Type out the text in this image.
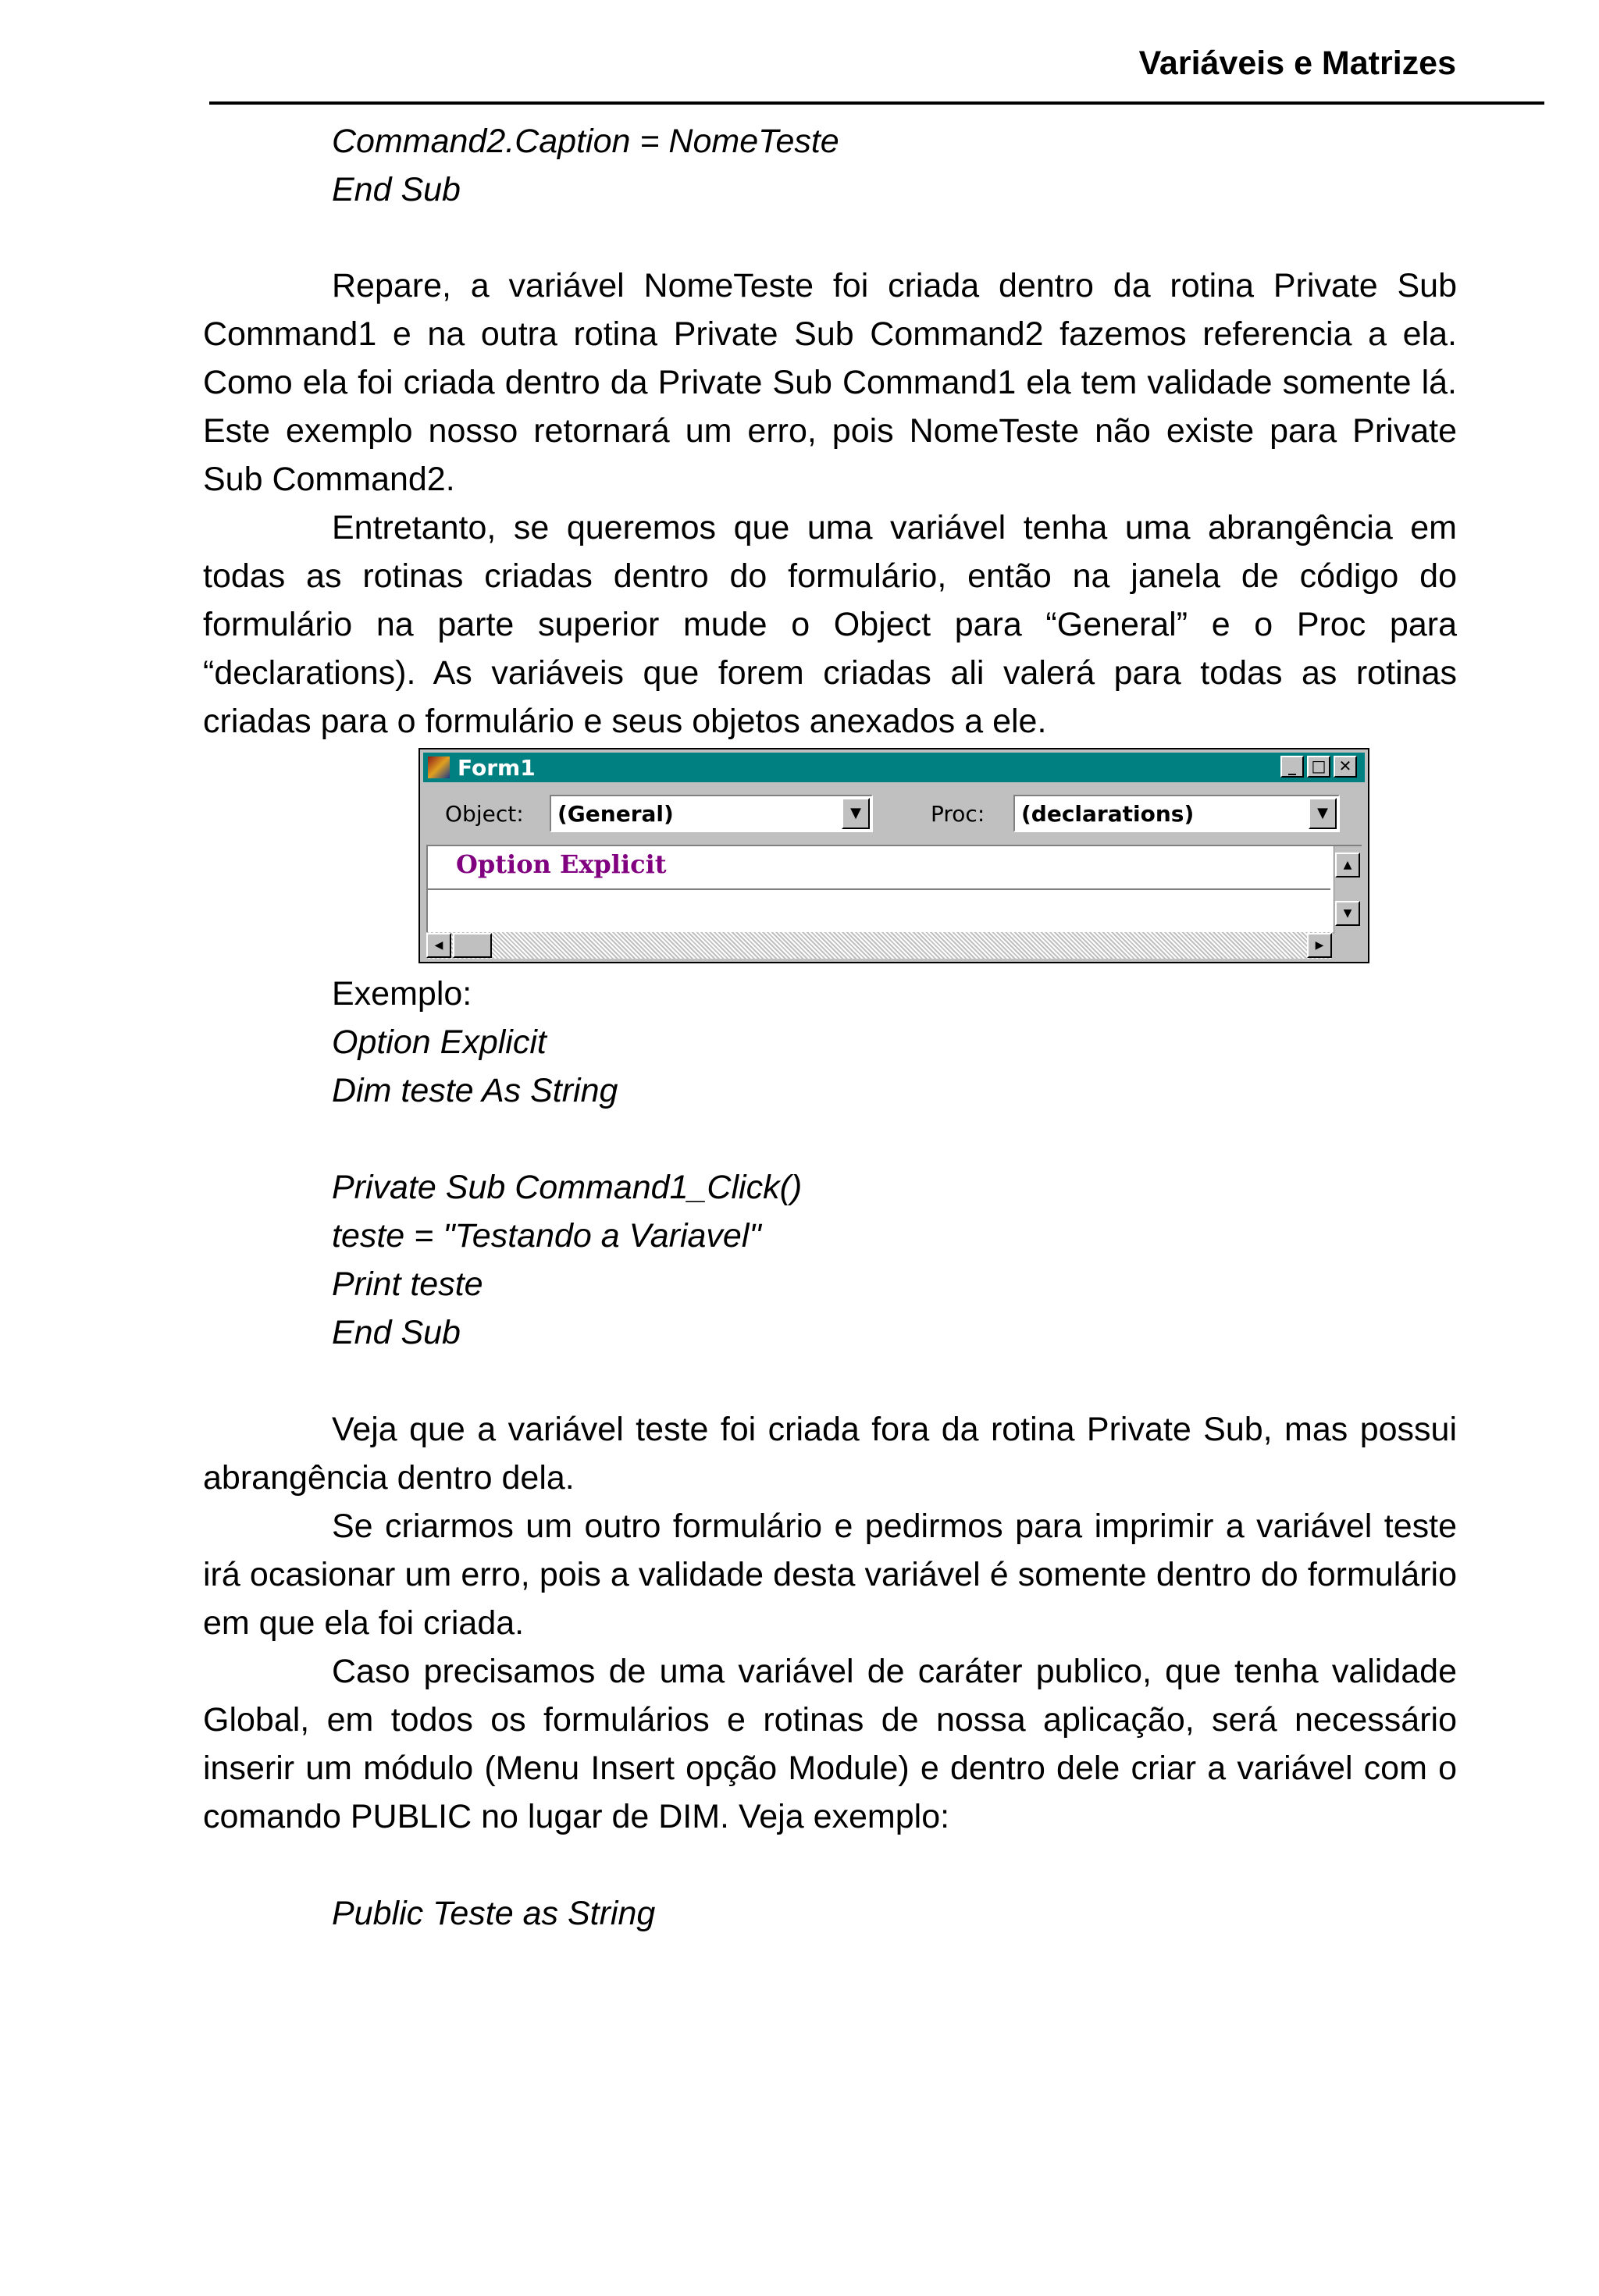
Variáveis e Matrizes
Command2.Caption = NomeTeste
End Sub

Repare, a variável NomeTeste foi criada dentro da rotina Private Sub Command1 e na outra rotina Private Sub Command2 fazemos referencia a ela. Como ela foi criada dentro da Private Sub Command1 ela tem validade somente lá. Este exemplo nosso retornará um erro, pois NomeTeste não existe para Private Sub Command2.

Entretanto, se queremos que uma variável tenha uma abrangência em todas as rotinas criadas dentro do formulário, então na janela de código do formulário na parte superior mude o Object para “General” e o Proc para “declarations). As variáveis que forem criadas ali valerá para todas as rotinas criadas para o formulário e seus objetos anexados a ele.

Form1	_ □ ✕
Object: (General)	▼	Proc: (declarations)	▼
Option Explicit	▲
▼
◀	▶
Exemplo:
Option Explicit
Dim teste As String
Private Sub Command1_Click()
teste = "Testando a Variavel"
Print teste
End Sub

Veja que a variável teste foi criada fora da rotina Private Sub, mas possui abrangência dentro dela.

Se criarmos um outro formulário e pedirmos para imprimir a variável teste irá ocasionar um erro, pois a validade desta variável é somente dentro do formulário em que ela foi criada.

Caso precisamos de uma variável de caráter publico, que tenha validade Global, em todos os formulários e rotinas de nossa aplicação, será necessário inserir um módulo (Menu Insert opção Module) e dentro dele criar a variável com o comando PUBLIC no lugar de DIM. Veja exemplo:

Public Teste as String
